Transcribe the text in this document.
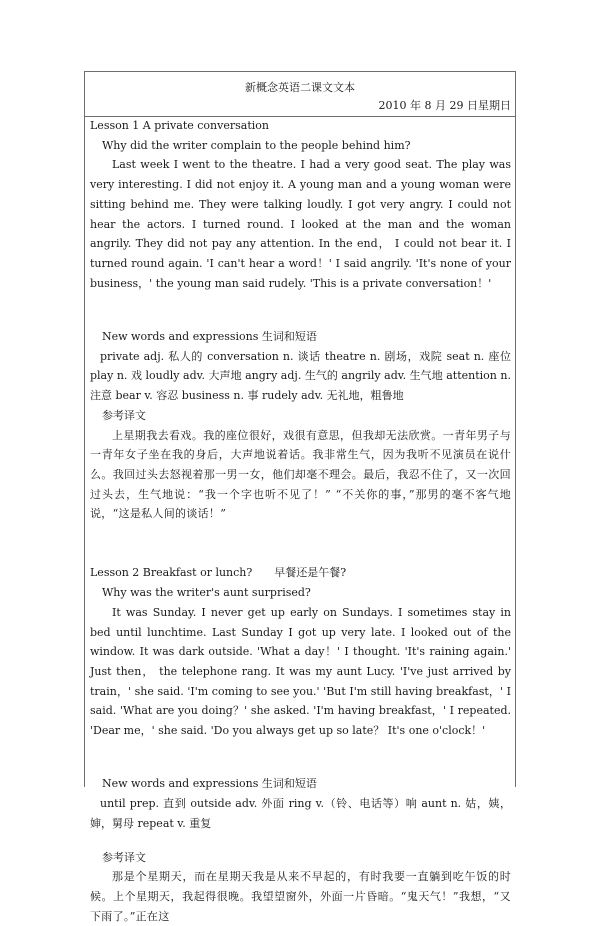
新概念英语二课文文本
2010 年 8 月 29 日星期日

Lesson 1 A private conversation

Why did the writer complain to the people behind him?

Last week I went to the theatre. I had a very good seat. The play was very interesting. I did not enjoy it. A young man and a young woman were sitting behind me. They were talking loudly. I got very angry. I could not hear the actors. I turned round. I looked at the man and the woman angrily. They did not pay any attention. In the end， I could not bear it. I turned round again. 'I can't hear a word！' I said angrily. 'It's none of your business，' the young man said rudely. 'This is a private conversation！'

New words and expressions 生词和短语

private adj. 私人的 conversation n. 谈话 theatre n. 剧场，戏院 seat n. 座位 play n. 戏 loudly adv. 大声地 angry adj. 生气的 angrily adv. 生气地 attention n. 注意 bear v. 容忍 business n. 事 rudely adv. 无礼地，粗鲁地

参考译文

上星期我去看戏。我的座位很好，戏很有意思，但我却无法欣赏。一青年男子与一青年女子坐在我的身后，大声地说着话。我非常生气，因为我听不见演员在说什么。我回过头去怒视着那一男一女，他们却毫不理会。最后，我忍不住了，又一次回过头去，生气地说：“我一个字也听不见了！” “不关你的事，”那男的毫不客气地说，“这是私人间的谈话！”

Lesson 2 Breakfast or lunch?　　早餐还是午餐?

Why was the writer's aunt surprised?

It was Sunday. I never get up early on Sundays. I sometimes stay in bed until lunchtime. Last Sunday I got up very late. I looked out of the window. It was dark outside. 'What a day！' I thought. 'It's raining again.' Just then， the telephone rang. It was my aunt Lucy. 'I've just arrived by train，' she said. 'I'm coming to see you.' 'But I'm still having breakfast，' I said. 'What are you doing？' she asked. 'I'm having breakfast，' I repeated. 'Dear me，' she said. 'Do you always get up so late？ It's one o'clock！'

New words and expressions 生词和短语

until prep. 直到 outside adv. 外面 ring v.（铃、电话等）响 aunt n. 姑，姨，婶，舅母 repeat v. 重复

参考译文

那是个星期天，而在星期天我是从来不早起的，有时我要一直躺到吃午饭的时候。上个星期天，我起得很晚。我望望窗外，外面一片昏暗。“鬼天气！”我想，“又下雨了。”正在这
